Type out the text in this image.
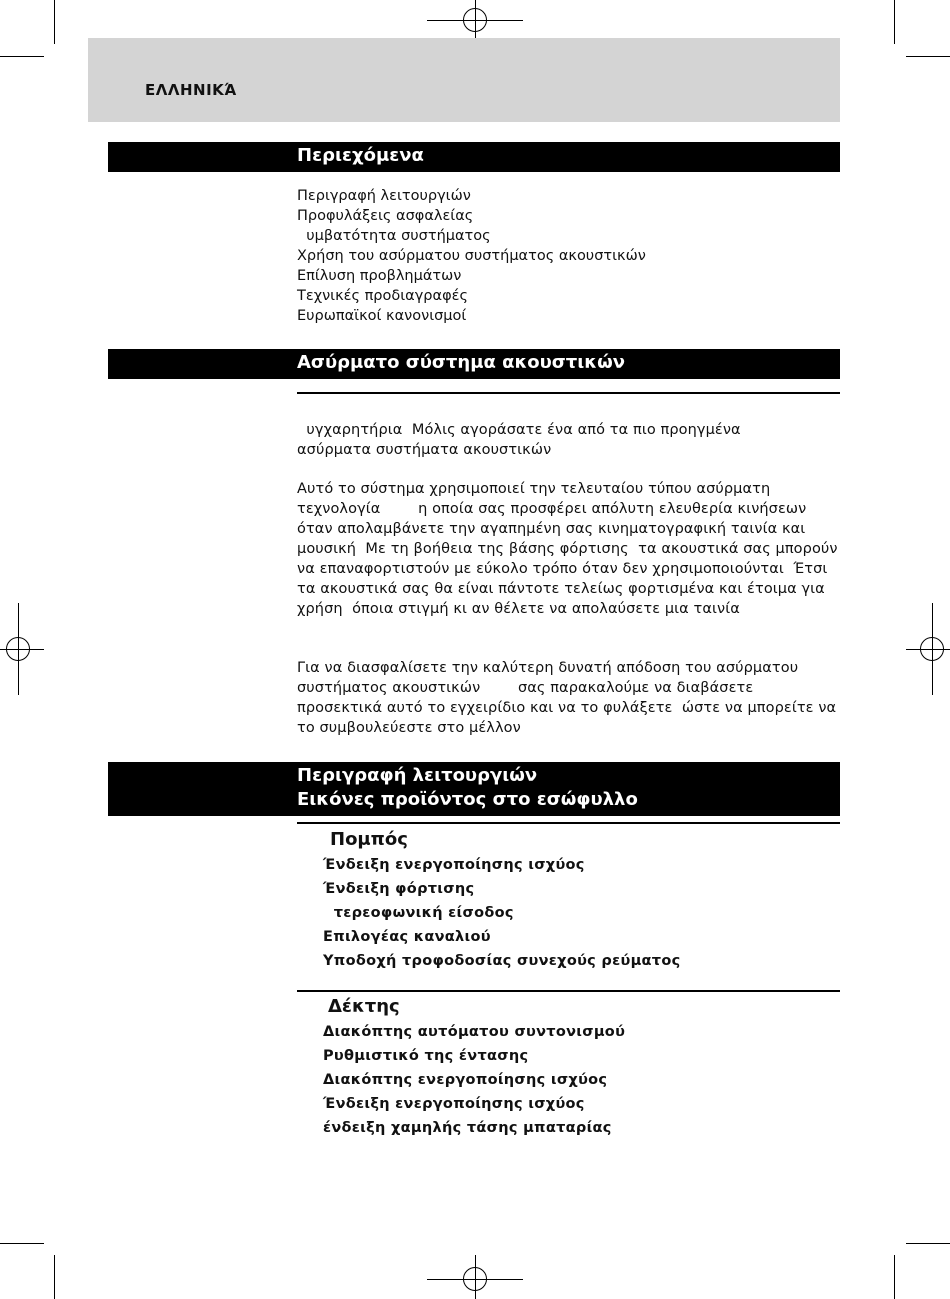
ΕΛΛΗΝΙΚΆ
Περιεχόμενα
Περιγραφή λειτουργιών
Προφυλάξεις ασφαλείας
υμβατότητα συστήματος
Χρήση του ασύρματου συστήματος ακουστικών
Επίλυση προβλημάτων
Τεχνικές προδιαγραφές
Ευρωπαϊκοί κανονισμοί
Ασύρματο σύστημα ακουστικών

υγχαρητήρια  Μόλις αγοράσατε ένα από τα πιο προηγμένα ασύρματα συστήματα ακουστικών

Αυτό το σύστημα χρησιμοποιεί την τελευταίου τύπου ασύρματη τεχνολογία        η οποία σας προσφέρει απόλυτη ελευθερία κινήσεων όταν απολαμβάνετε την αγαπημένη σας κινηματογραφική ταινία και μουσική  Με τη βοήθεια της βάσης φόρτισης  τα ακουστικά σας μπορούν να επαναφορτιστούν με εύκολο τρόπο όταν δεν χρησιμοποιούνται  Έτσι τα ακουστικά σας θα είναι πάντοτε τελείως φορτισμένα και έτοιμα για χρήση  όποια στιγμή κι αν θέλετε να απολαύσετε μια ταινία

Για να διασφαλίσετε την καλύτερη δυνατή απόδοση του ασύρματου συστήματος ακουστικών        σας παρακαλούμε να διαβάσετε προσεκτικά αυτό το εγχειρίδιο και να το φυλάξετε  ώστε να μπορείτε να το συμβουλεύεστε στο μέλλον

Περιγραφή λειτουργιών
Εικόνες προϊόντος στο εσώφυλλο
Πομπός
Ένδειξη ενεργοποίησης ισχύος
Ένδειξη φόρτισης
τερεοφωνική είσοδος
Επιλογέας καναλιού
Υποδοχή τροφοδοσίας συνεχούς ρεύματος
Δέκτης
Διακόπτης αυτόματου συντονισμού
Ρυθμιστικό της έντασης
Διακόπτης ενεργοποίησης ισχύος
Ένδειξη ενεργοποίησης ισχύος
ένδειξη χαμηλής τάσης μπαταρίας
